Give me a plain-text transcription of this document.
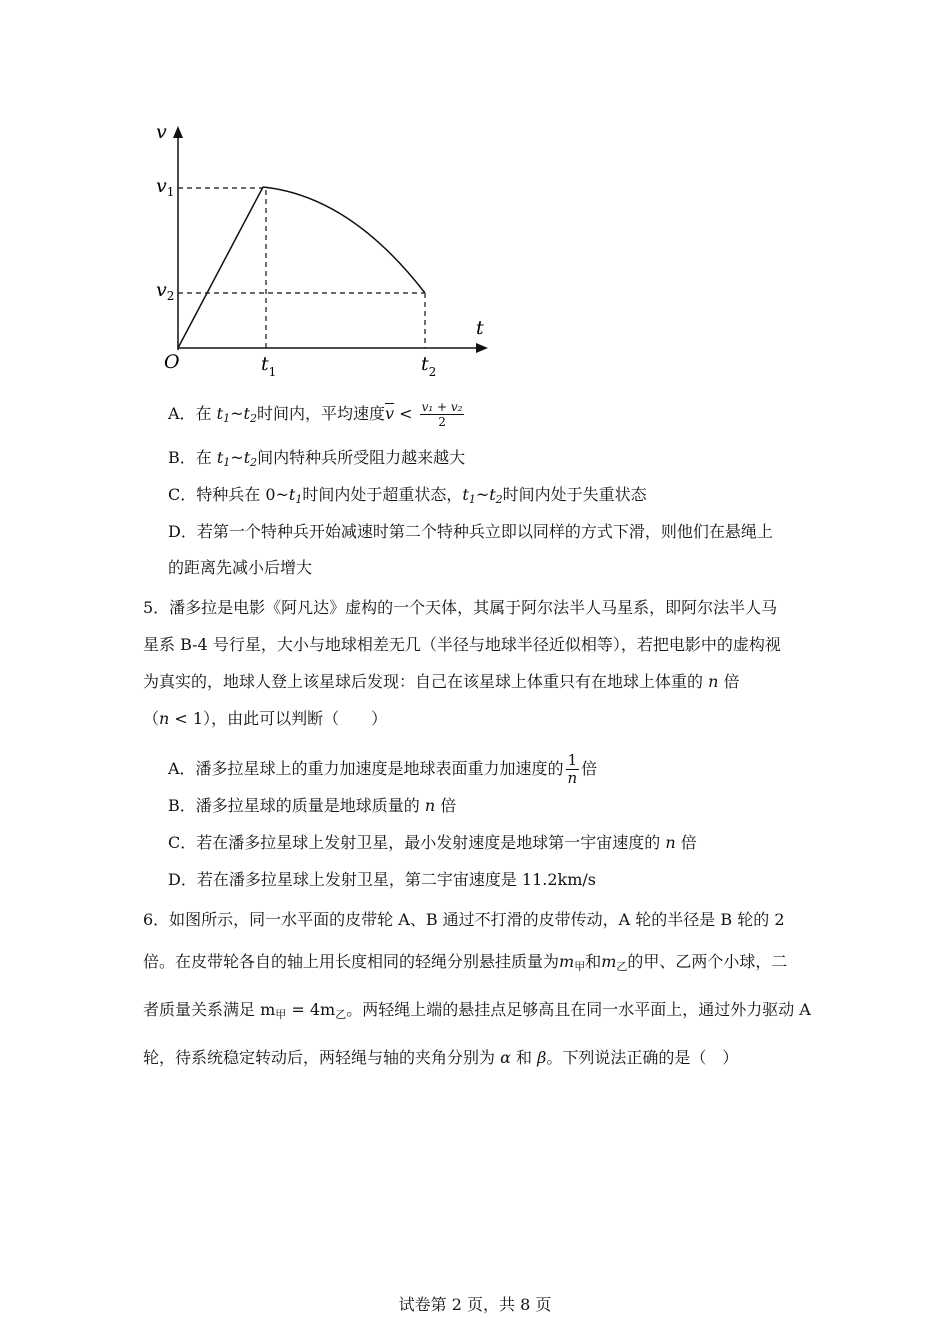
v
t
O
$v_1$
$v_2$
$t_1$	$t_2$
A．在 $t_1\sim t_2$时间内，平均速度$\overline{v} < \frac{\text{v₁ + v₂}}{2}$
B．在 $t_1\sim t_2$间内特种兵所受阻力越来越大
C．特种兵在 $0\sim t_1$时间内处于超重状态，$t_1\sim t_2$时间内处于失重状态
D．若第一个特种兵开始减速时第二个特种兵立即以同样的方式下滑，则他们在悬绳上
的距离先减小后增大
5．潘多拉是电影《阿凡达》虚构的一个天体，其属于阿尔法半人马星系，即阿尔法半人马
星系 B-4 号行星，大小与地球相差无几（半径与地球半径近似相等），若把电影中的虚构视
为真实的，地球人登上该星球后发现：自己在该星球上体重只有在地球上体重的 n 倍
（n < 1），由此可以判断（　　）
A．潘多拉星球上的重力加速度是地球表面重力加速度的 $\frac{1}{n}$ 倍
B．潘多拉星球的质量是地球质量的 n 倍
C．若在潘多拉星球上发射卫星，最小发射速度是地球第一宇宙速度的 n 倍
D．若在潘多拉星球上发射卫星，第二宇宙速度是 11.2km/s
6．如图所示，同一水平面的皮带轮 A、B 通过不打滑的皮带传动，A 轮的半径是 B 轮的 2
倍。在皮带轮各自的轴上用长度相同的轻绳分别悬挂质量为$m_甲$和$m_乙$的甲、乙两个小球，二
者质量关系满足 $m_甲 = 4m_乙$。两轻绳上端的悬挂点足够高且在同一水平面上，通过外力驱动 A
轮，待系统稳定转动后，两轻绳与轴的夹角分别为 α 和 β。下列说法正确的是（　）
试卷第 2 页，共 8 页
